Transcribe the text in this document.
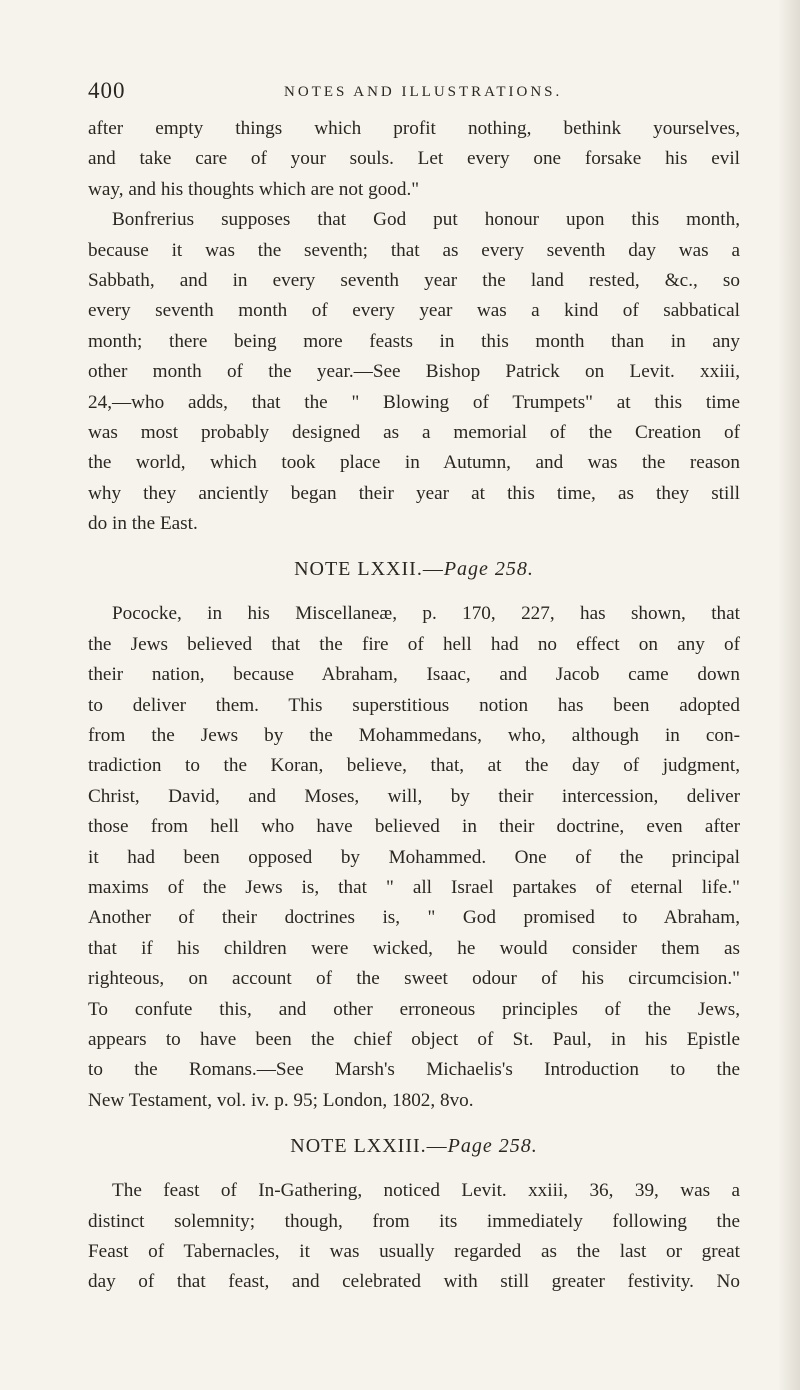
400	NOTES AND ILLUSTRATIONS.
after empty things which profit nothing, bethink yourselves,
and take care of your souls. Let every one forsake his evil
way, and his thoughts which are not good."
Bonfrerius supposes that God put honour upon this month,
because it was the seventh; that as every seventh day was a
Sabbath, and in every seventh year the land rested, &c., so
every seventh month of every year was a kind of sabbatical
month; there being more feasts in this month than in any
other month of the year.—See Bishop Patrick on Levit. xxiii,
24,—who adds, that the " Blowing of Trumpets" at this time
was most probably designed as a memorial of the Creation of
the world, which took place in Autumn, and was the reason
why they anciently began their year at this time, as they still
do in the East.
NOTE LXXII.—Page 258.
Pococke, in his Miscellaneæ, p. 170, 227, has shown, that
the Jews believed that the fire of hell had no effect on any of
their nation, because Abraham, Isaac, and Jacob came down
to deliver them. This superstitious notion has been adopted
from the Jews by the Mohammedans, who, although in con-
tradiction to the Koran, believe, that, at the day of judgment,
Christ, David, and Moses, will, by their intercession, deliver
those from hell who have believed in their doctrine, even after
it had been opposed by Mohammed. One of the principal
maxims of the Jews is, that " all Israel partakes of eternal life."
Another of their doctrines is, " God promised to Abraham,
that if his children were wicked, he would consider them as
righteous, on account of the sweet odour of his circumcision."
To confute this, and other erroneous principles of the Jews,
appears to have been the chief object of St. Paul, in his Epistle
to the Romans.—See Marsh's Michaelis's Introduction to the
New Testament, vol. iv. p. 95; London, 1802, 8vo.
NOTE LXXIII.—Page 258.
The feast of In-Gathering, noticed Levit. xxiii, 36, 39, was a
distinct solemnity; though, from its immediately following the
Feast of Tabernacles, it was usually regarded as the last or great
day of that feast, and celebrated with still greater festivity. No
